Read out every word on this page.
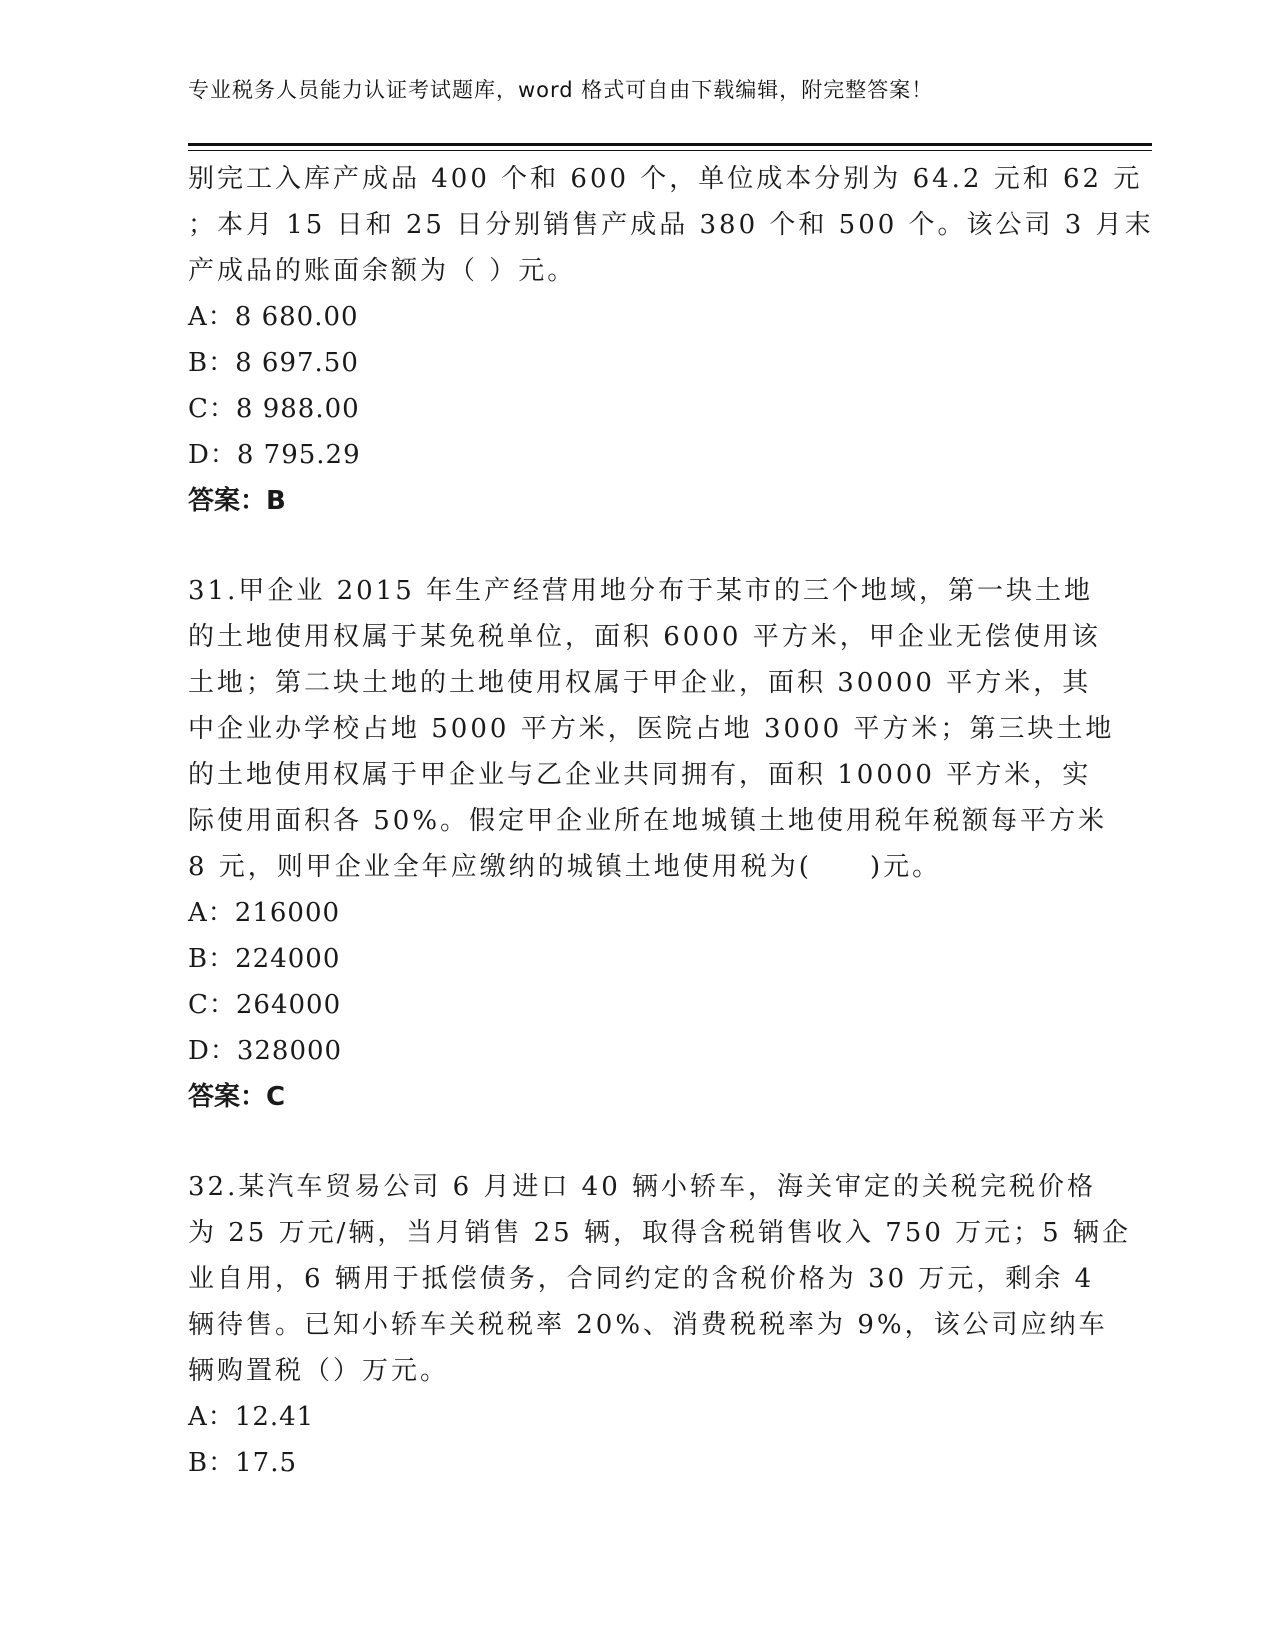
专业税务人员能力认证考试题库，word 格式可自由下载编辑，附完整答案！
别完工入库产成品 400 个和 600 个，单位成本分别为 64.2 元和 62 元
；本月 15 日和 25 日分别销售产成品 380 个和 500 个。该公司 3 月末
产成品的账面余额为（ ）元。
A：8 680.00
B：8 697.50
C：8 988.00
D：8 795.29
答案：B
31.甲企业 2015 年生产经营用地分布于某市的三个地域，第一块土地
的土地使用权属于某免税单位，面积 6000 平方米，甲企业无偿使用该
土地；第二块土地的土地使用权属于甲企业，面积 30000 平方米，其
中企业办学校占地 5000 平方米，医院占地 3000 平方米；第三块土地
的土地使用权属于甲企业与乙企业共同拥有，面积 10000 平方米，实
际使用面积各 50%。假定甲企业所在地城镇土地使用税年税额每平方米
8 元，则甲企业全年应缴纳的城镇土地使用税为(　　)元。
A：216000
B：224000
C：264000
D：328000
答案：C
32.某汽车贸易公司 6 月进口 40 辆小轿车，海关审定的关税完税价格
为 25 万元/辆，当月销售 25 辆，取得含税销售收入 750 万元；5 辆企
业自用，6 辆用于抵偿债务，合同约定的含税价格为 30 万元，剩余 4
辆待售。已知小轿车关税税率 20%、消费税税率为 9%，该公司应纳车
辆购置税（）万元。
A：12.41
B：17.5
